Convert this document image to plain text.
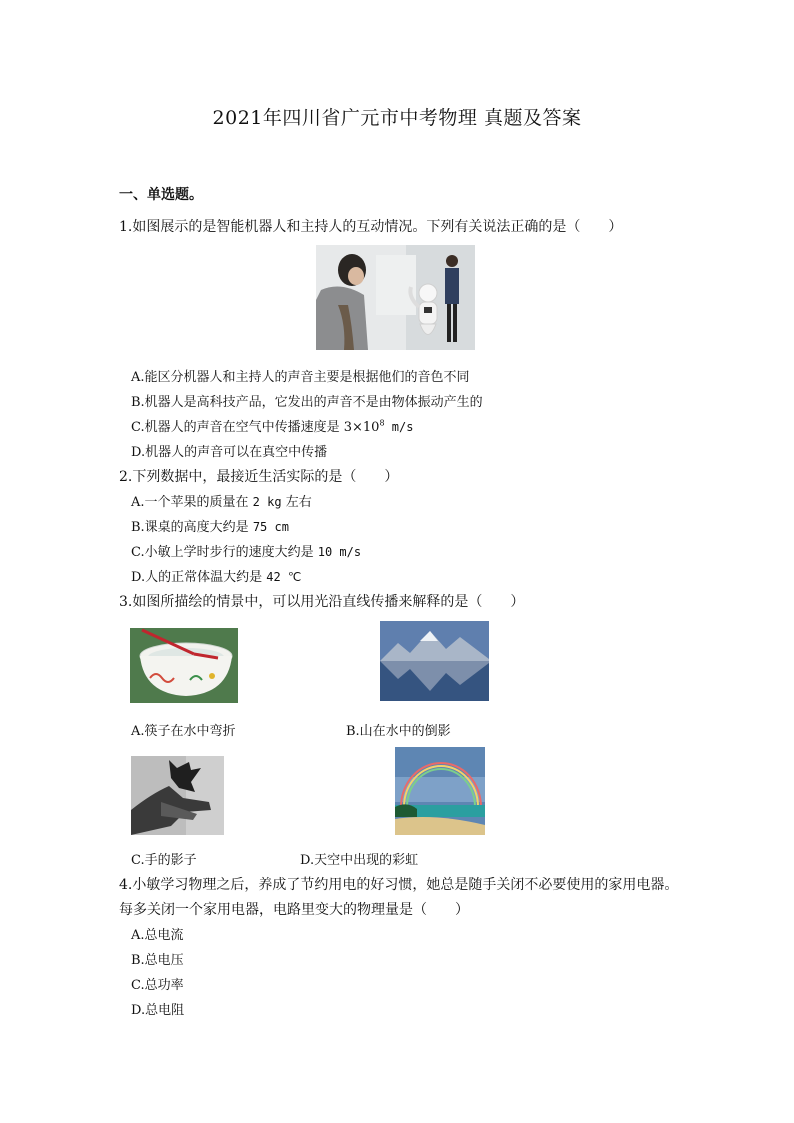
2021年四川省广元市中考物理 真题及答案
一、单选题。
1.如图展示的是智能机器人和主持人的互动情况。下列有关说法正确的是（　　）
A.能区分机器人和主持人的声音主要是根据他们的音色不同
B.机器人是高科技产品，它发出的声音不是由物体振动产生的
C.机器人的声音在空气中传播速度是 $3\times 10^8$ m/s
D.机器人的声音可以在真空中传播
2.下列数据中，最接近生活实际的是（　　）
A.一个苹果的质量在 2 kg 左右
B.课桌的高度大约是 75 cm
C.小敏上学时步行的速度大约是 10 m/s
D.人的正常体温大约是 42 ℃
3.如图所描绘的情景中，可以用光沿直线传播来解释的是（　　）
A.筷子在水中弯折	B.山在水中的倒影
C.手的影子	D.天空中出现的彩虹
4.小敏学习物理之后，养成了节约用电的好习惯，她总是随手关闭不必要使用的家用电器。
每多关闭一个家用电器，电路里变大的物理量是（　　）
A.总电流
B.总电压
C.总功率
D.总电阻
